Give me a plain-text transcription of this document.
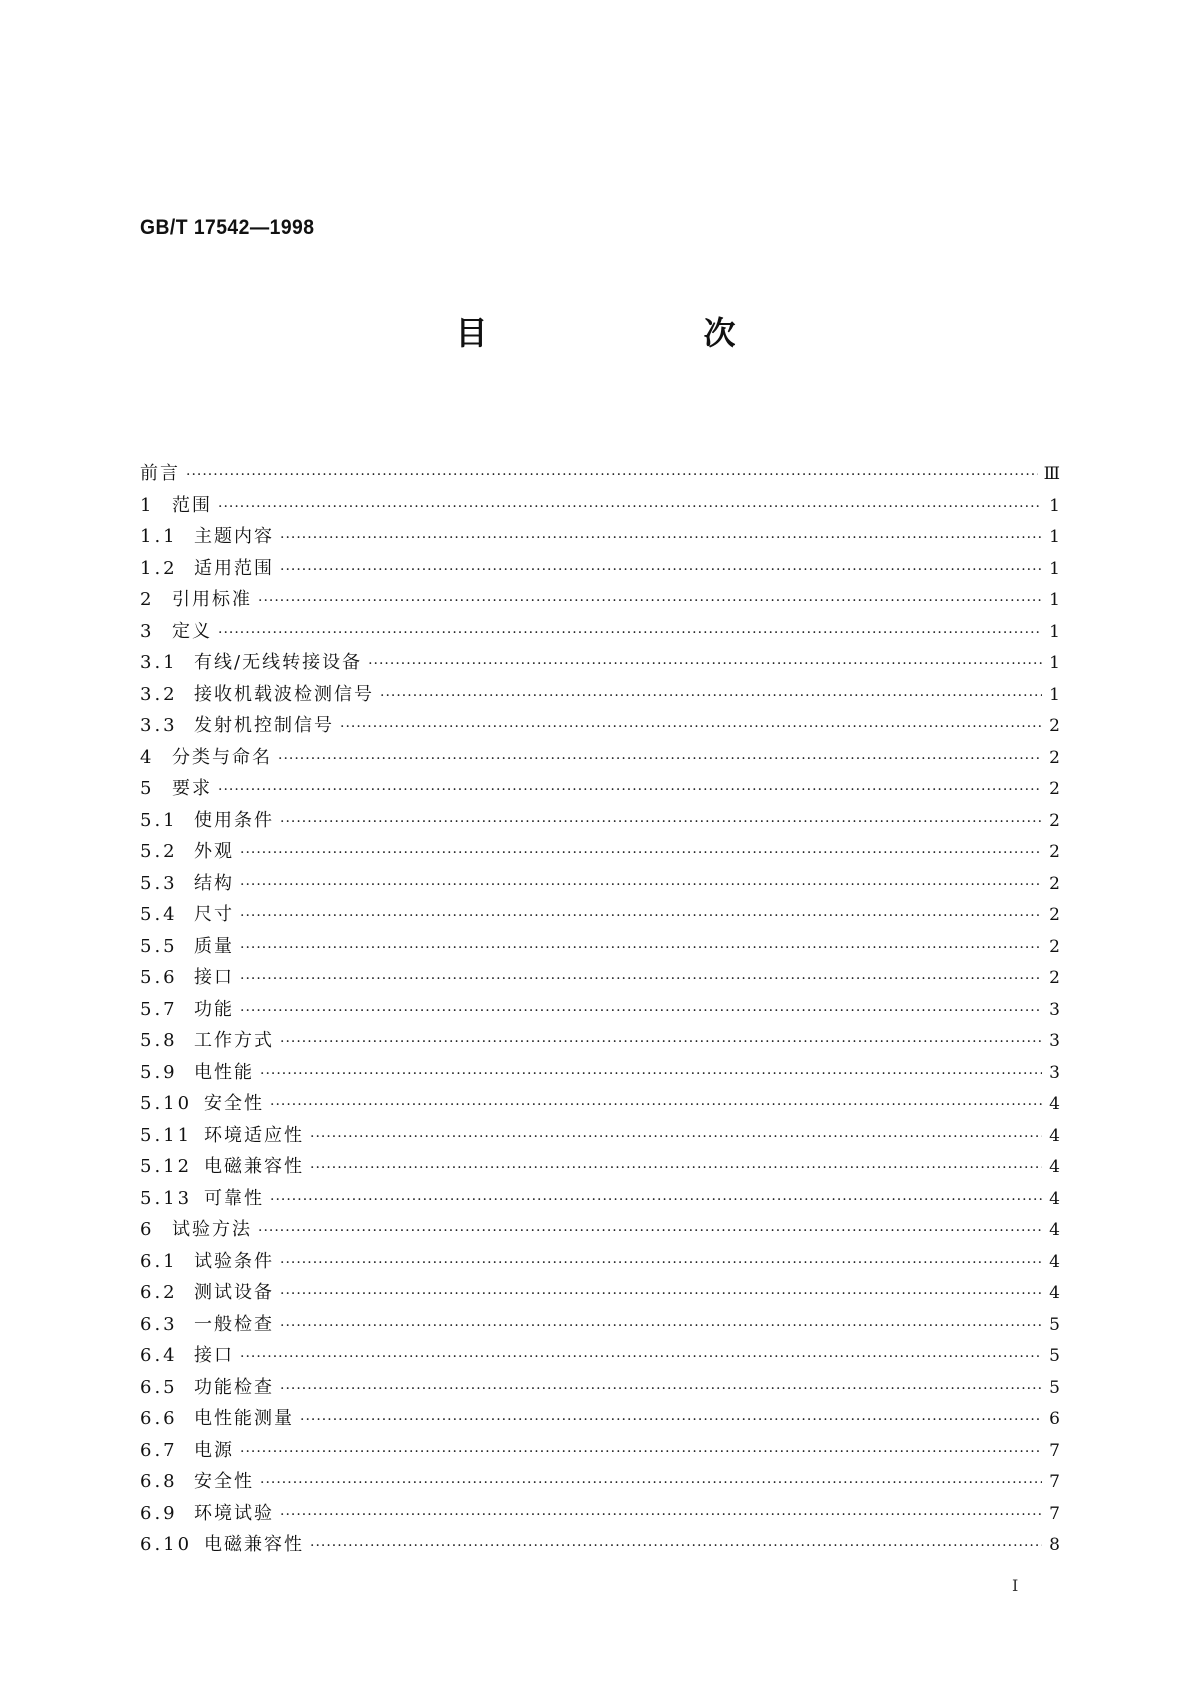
GB/T 17542—1998
目　次
前言 ·····	Ⅲ
1 范围 ·····	1
1.1 主题内容 ·····	1
1.2 适用范围 ·····	1
2 引用标准 ·····	1
3 定义 ·····	1
3.1 有线/无线转接设备 ·····	1
3.2 接收机载波检测信号 ·····	1
3.3 发射机控制信号 ·····	2
4 分类与命名 ·····	2
5 要求 ·····	2
5.1 使用条件 ·····	2
5.2 外观 ·····	2
5.3 结构 ·····	2
5.4 尺寸 ·····	2
5.5 质量 ·····	2
5.6 接口 ·····	2
5.7 功能 ·····	3
5.8 工作方式 ·····	3
5.9 电性能 ·····	3
5.10 安全性 ·····	4
5.11 环境适应性 ·····	4
5.12 电磁兼容性 ·····	4
5.13 可靠性 ·····	4
6 试验方法 ·····	4
6.1 试验条件 ·····	4
6.2 测试设备 ·····	4
6.3 一般检查 ·····	5
6.4 接口 ·····	5
6.5 功能检查 ·····	5
6.6 电性能测量 ·····	6
6.7 电源 ·····	7
6.8 安全性 ·····	7
6.9 环境试验 ·····	7
6.10 电磁兼容性 ·····	8
I
